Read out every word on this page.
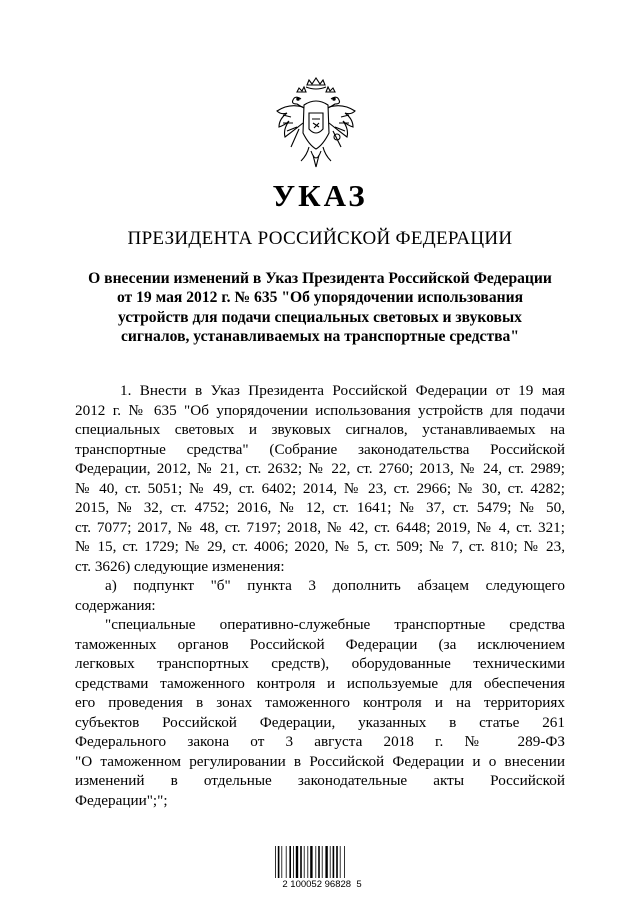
УКАЗ
ПРЕЗИДЕНТА РОССИЙСКОЙ ФЕДЕРАЦИИ
О внесении изменений в Указ Президента Российской Федерации
от 19 мая 2012 г. № 635 "Об упорядочении использования
устройств для подачи специальных световых и звуковых
сигналов, устанавливаемых на транспортные средства"
1. Внести в Указ Президента Российской Федерации от 19 мая
2012 г. № 635 "Об упорядочении использования устройств для подачи
специальных световых и звуковых сигналов, устанавливаемых на
транспортные средства" (Собрание законодательства Российской
Федерации, 2012, № 21, ст. 2632; № 22, ст. 2760; 2013, № 24, ст. 2989;
№ 40, ст. 5051; № 49, ст. 6402; 2014, № 23, ст. 2966; № 30, ст. 4282;
2015, № 32, ст. 4752; 2016, № 12, ст. 1641; № 37, ст. 5479; № 50,
ст. 7077; 2017, № 48, ст. 7197; 2018, № 42, ст. 6448; 2019, № 4, ст. 321;
№ 15, ст. 1729; № 29, ст. 4006; 2020, № 5, ст. 509; № 7, ст. 810; № 23,
ст. 3626) следующие изменения:
а) подпункт "б" пункта 3 дополнить абзацем следующего
содержания:
"специальные оперативно-служебные транспортные средства
таможенных органов Российской Федерации (за исключением
легковых транспортных средств), оборудованные техническими
средствами таможенного контроля и используемые для обеспечения
его проведения в зонах таможенного контроля и на территориях
субъектов Российской Федерации, указанных в статье 261
Федерального закона от 3 августа 2018 г. № 289-ФЗ
"О таможенном регулировании в Российской Федерации и о внесении
изменений в отдельные законодательные акты Российской
Федерации";";
2 100052 96828  5
